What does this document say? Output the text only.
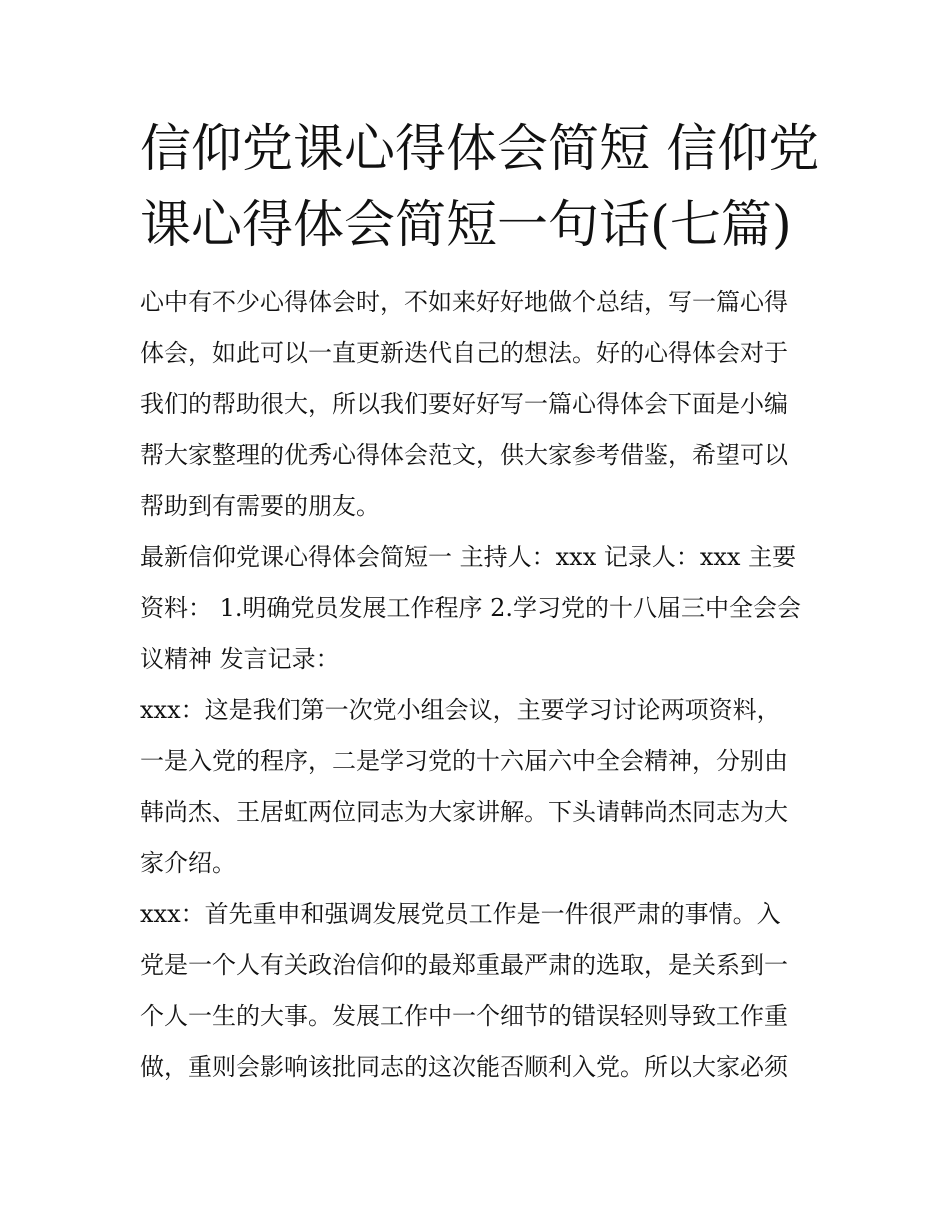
信仰党课心得体会简短 信仰党课心得体会简短一句话(七篇)

心中有不少心得体会时，不如来好好地做个总结，写一篇心得

体会，如此可以一直更新迭代自己的想法。好的心得体会对于

我们的帮助很大，所以我们要好好写一篇心得体会下面是小编

帮大家整理的优秀心得体会范文，供大家参考借鉴，希望可以

帮助到有需要的朋友。

最新信仰党课心得体会简短一 主持人：xxx 记录人：xxx 主要

资料： 1.明确党员发展工作程序 2.学习党的十八届三中全会会

议精神 发言记录：

xxx：这是我们第一次党小组会议，主要学习讨论两项资料，

一是入党的程序，二是学习党的十六届六中全会精神，分别由

韩尚杰、王居虹两位同志为大家讲解。下头请韩尚杰同志为大

家介绍。

xxx：首先重申和强调发展党员工作是一件很严肃的事情。入

党是一个人有关政治信仰的最郑重最严肃的选取，是关系到一

个人一生的大事。发展工作中一个细节的错误轻则导致工作重

做，重则会影响该批同志的这次能否顺利入党。所以大家必须
